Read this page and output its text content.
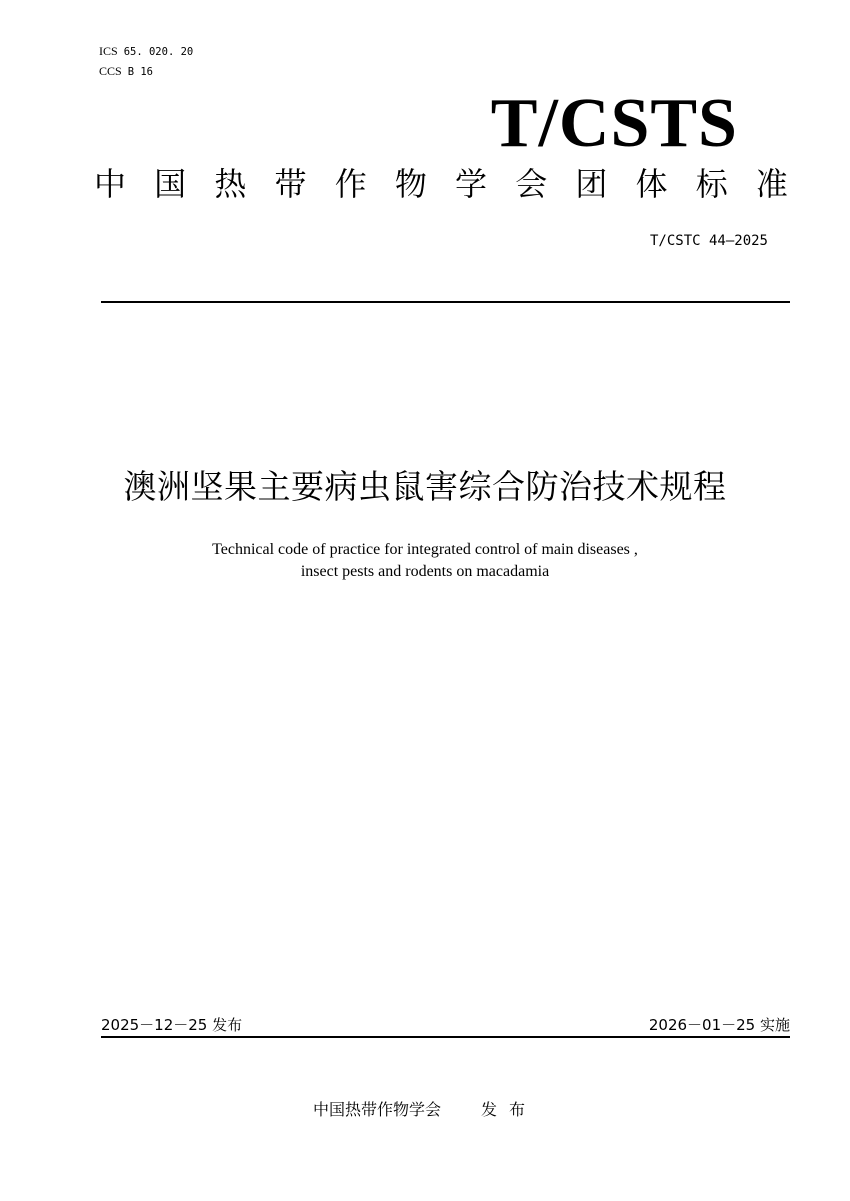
ICS 65. 020. 20
CCS B 16
T/CSTS
中 国 热 带 作 物 学 会 团 体 标 准
T/CSTC 44—2025
澳洲坚果主要病虫鼠害综合防治技术规程
Technical code of practice for integrated control of main diseases ,
insect pests and rodents on macadamia
2025－12－25 发布	2026－01－25 实施
中国热带作物学会	发布
